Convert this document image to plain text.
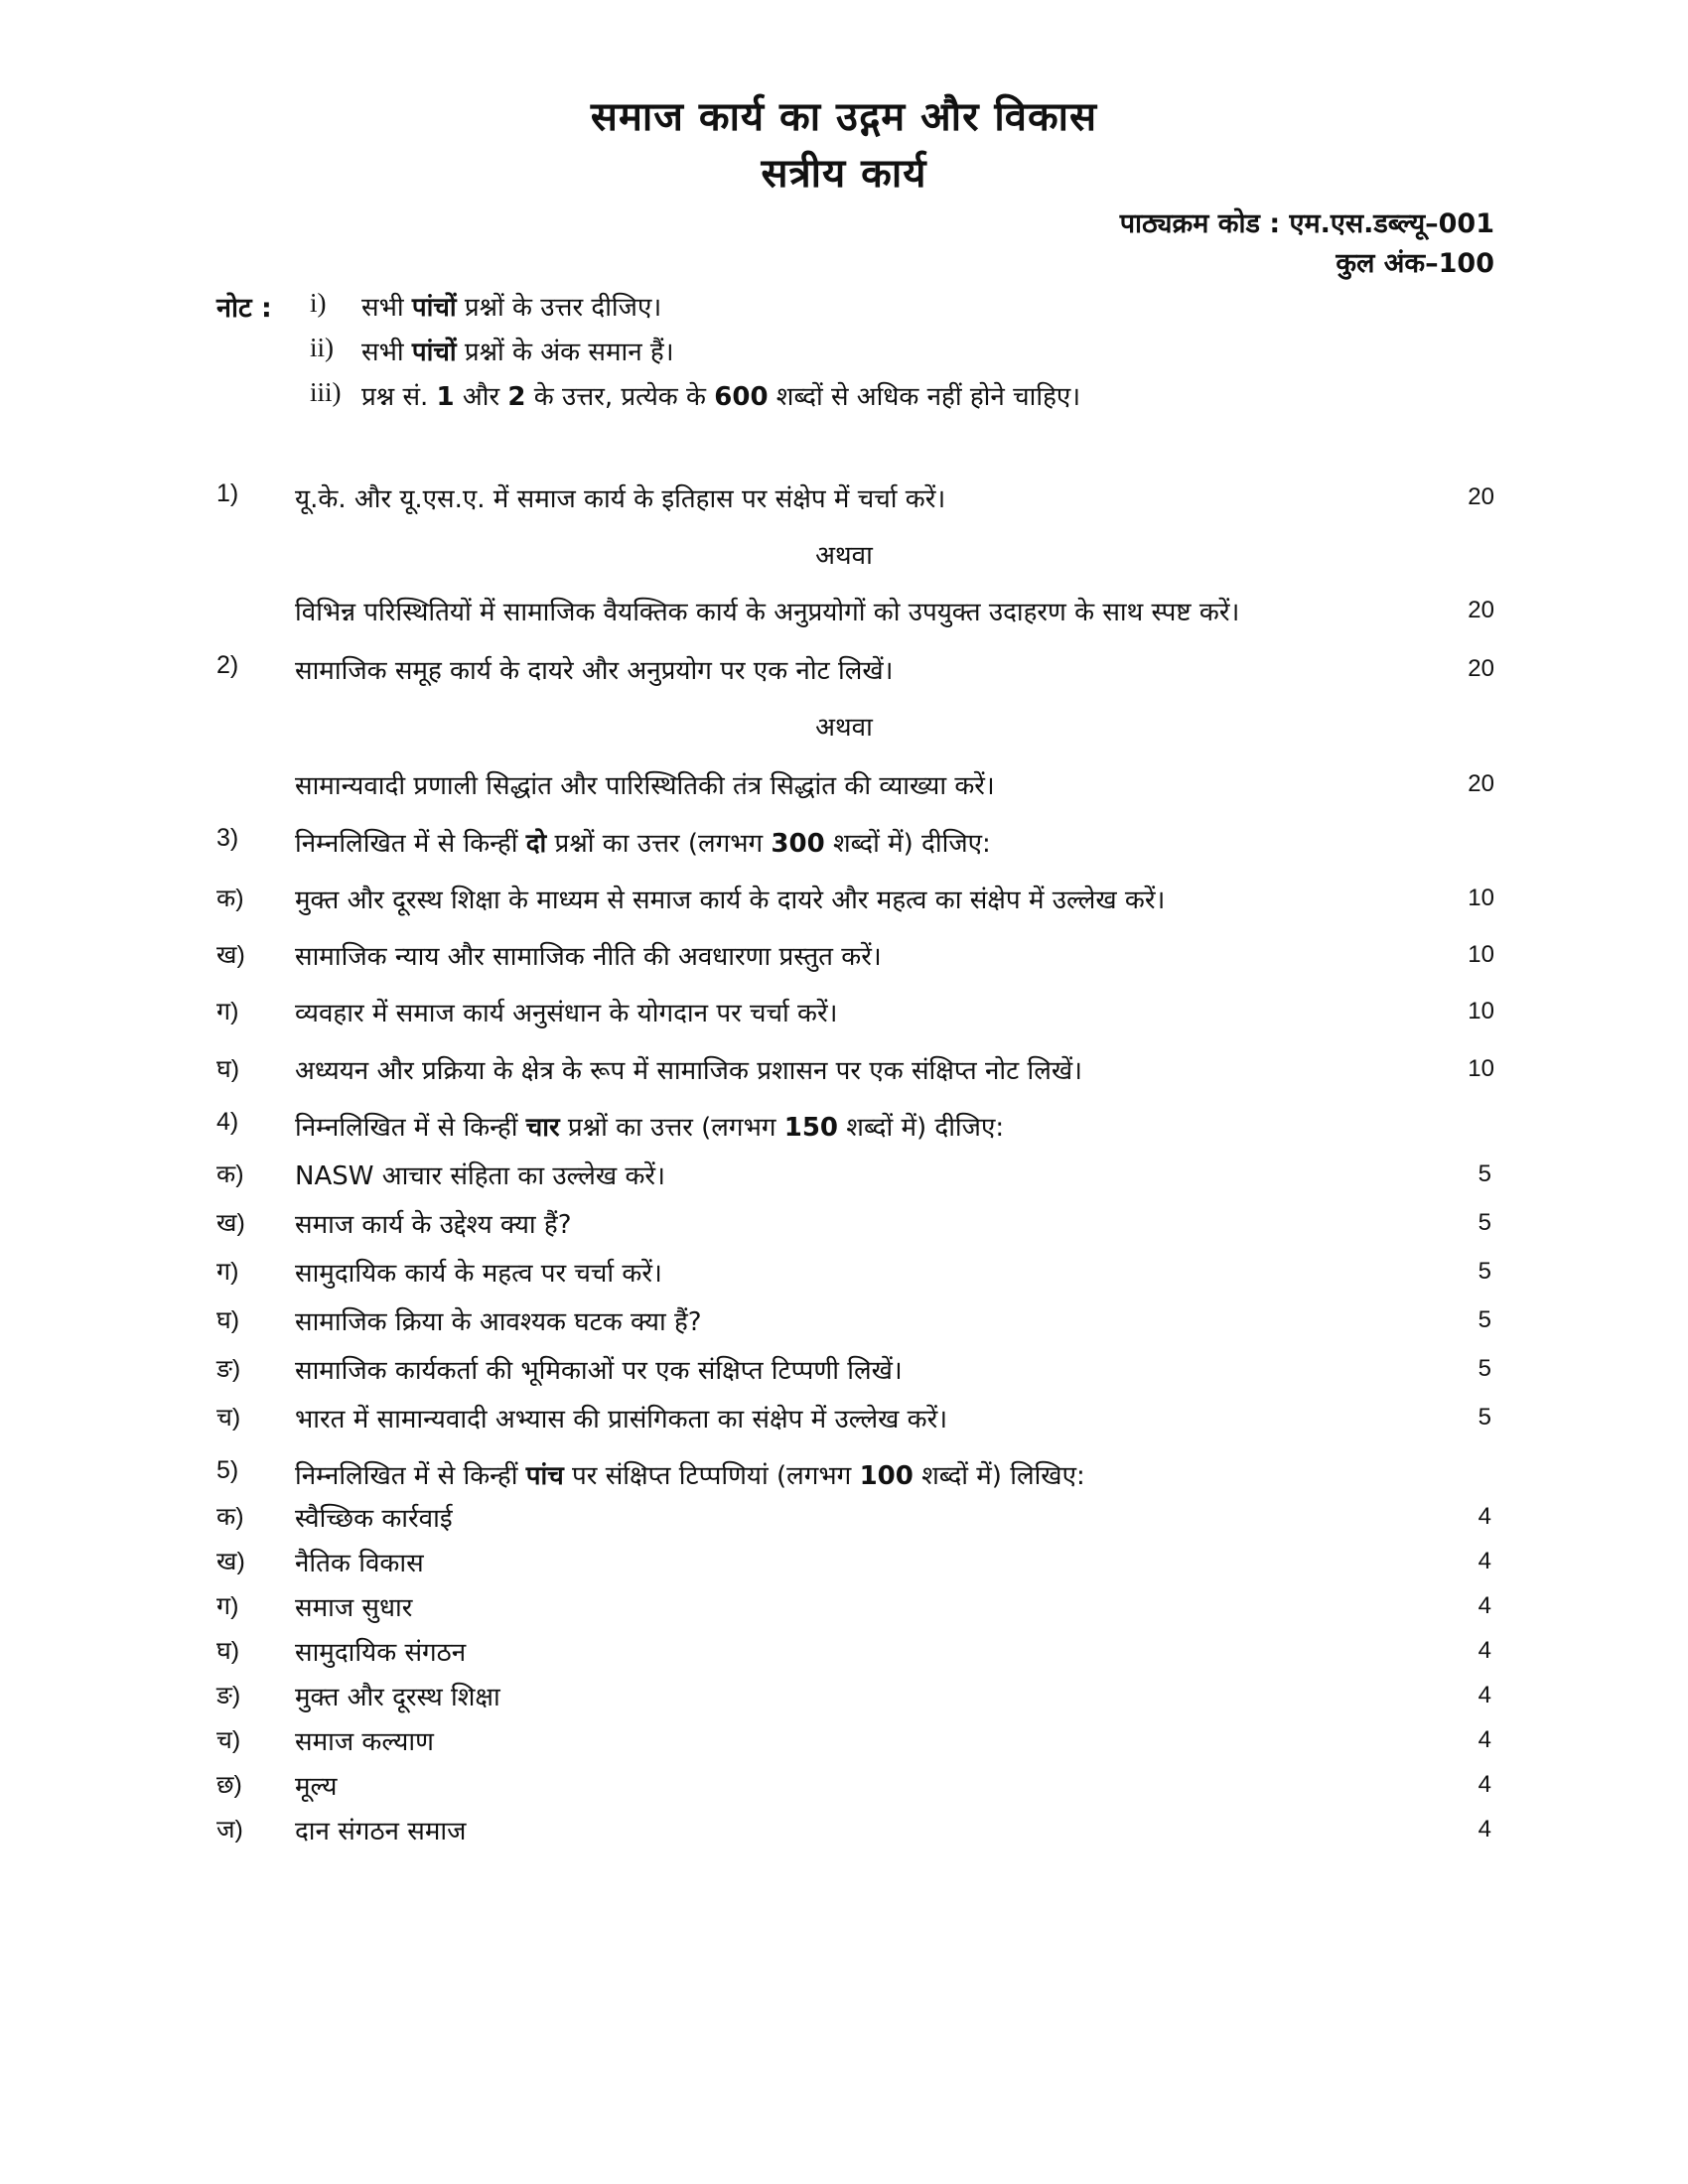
समाज कार्य का उद्गम और विकास
सत्रीय कार्य
पाठ्यक्रम कोड : एम.एस.डब्ल्यू–001
कुल अंक–100
नोट : i) सभी पांचों प्रश्नों के उत्तर दीजिए।
ii) सभी पांचों प्रश्नों के अंक समान हैं।
iii) प्रश्न सं. 1 और 2 के उत्तर, प्रत्येक के 600 शब्दों से अधिक नहीं होने चाहिए।
1) यू.के. और यू.एस.ए. में समाज कार्य के इतिहास पर संक्षेप में चर्चा करें।	20
अथवा
विभिन्न परिस्थितियों में सामाजिक वैयक्तिक कार्य के अनुप्रयोगों को उपयुक्त उदाहरण के साथ स्पष्ट करें।	20
2) सामाजिक समूह कार्य के दायरे और अनुप्रयोग पर एक नोट लिखें।	20
अथवा
सामान्यवादी प्रणाली सिद्धांत और पारिस्थितिकी तंत्र सिद्धांत की व्याख्या करें।	20
3) निम्नलिखित में से किन्हीं दो प्रश्नों का उत्तर (लगभग 300 शब्दों में) दीजिए:
क) मुक्त और दूरस्थ शिक्षा के माध्यम से समाज कार्य के दायरे और महत्व का संक्षेप में उल्लेख करें।	10
ख) सामाजिक न्याय और सामाजिक नीति की अवधारणा प्रस्तुत करें।	10
ग) व्यवहार में समाज कार्य अनुसंधान के योगदान पर चर्चा करें।	10
घ) अध्ययन और प्रक्रिया के क्षेत्र के रूप में सामाजिक प्रशासन पर एक संक्षिप्त नोट लिखें।	10
4) निम्नलिखित में से किन्हीं चार प्रश्नों का उत्तर (लगभग 150 शब्दों में) दीजिए:
क) NASW आचार संहिता का उल्लेख करें।	5
ख) समाज कार्य के उद्देश्य क्या हैं?	5
ग) सामुदायिक कार्य के महत्व पर चर्चा करें।	5
घ) सामाजिक क्रिया के आवश्यक घटक क्या हैं?	5
ङ) सामाजिक कार्यकर्ता की भूमिकाओं पर एक संक्षिप्त टिप्पणी लिखें।	5
च) भारत में सामान्यवादी अभ्यास की प्रासंगिकता का संक्षेप में उल्लेख करें।	5
5) निम्नलिखित में से किन्हीं पांच पर संक्षिप्त टिप्पणियां (लगभग 100 शब्दों में) लिखिए:
क) स्वैच्छिक कार्रवाई	4
ख) नैतिक विकास	4
ग) समाज सुधार	4
घ) सामुदायिक संगठन	4
ङ) मुक्त और दूरस्थ शिक्षा	4
च) समाज कल्याण	4
छ) मूल्य	4
ज) दान संगठन समाज	4
